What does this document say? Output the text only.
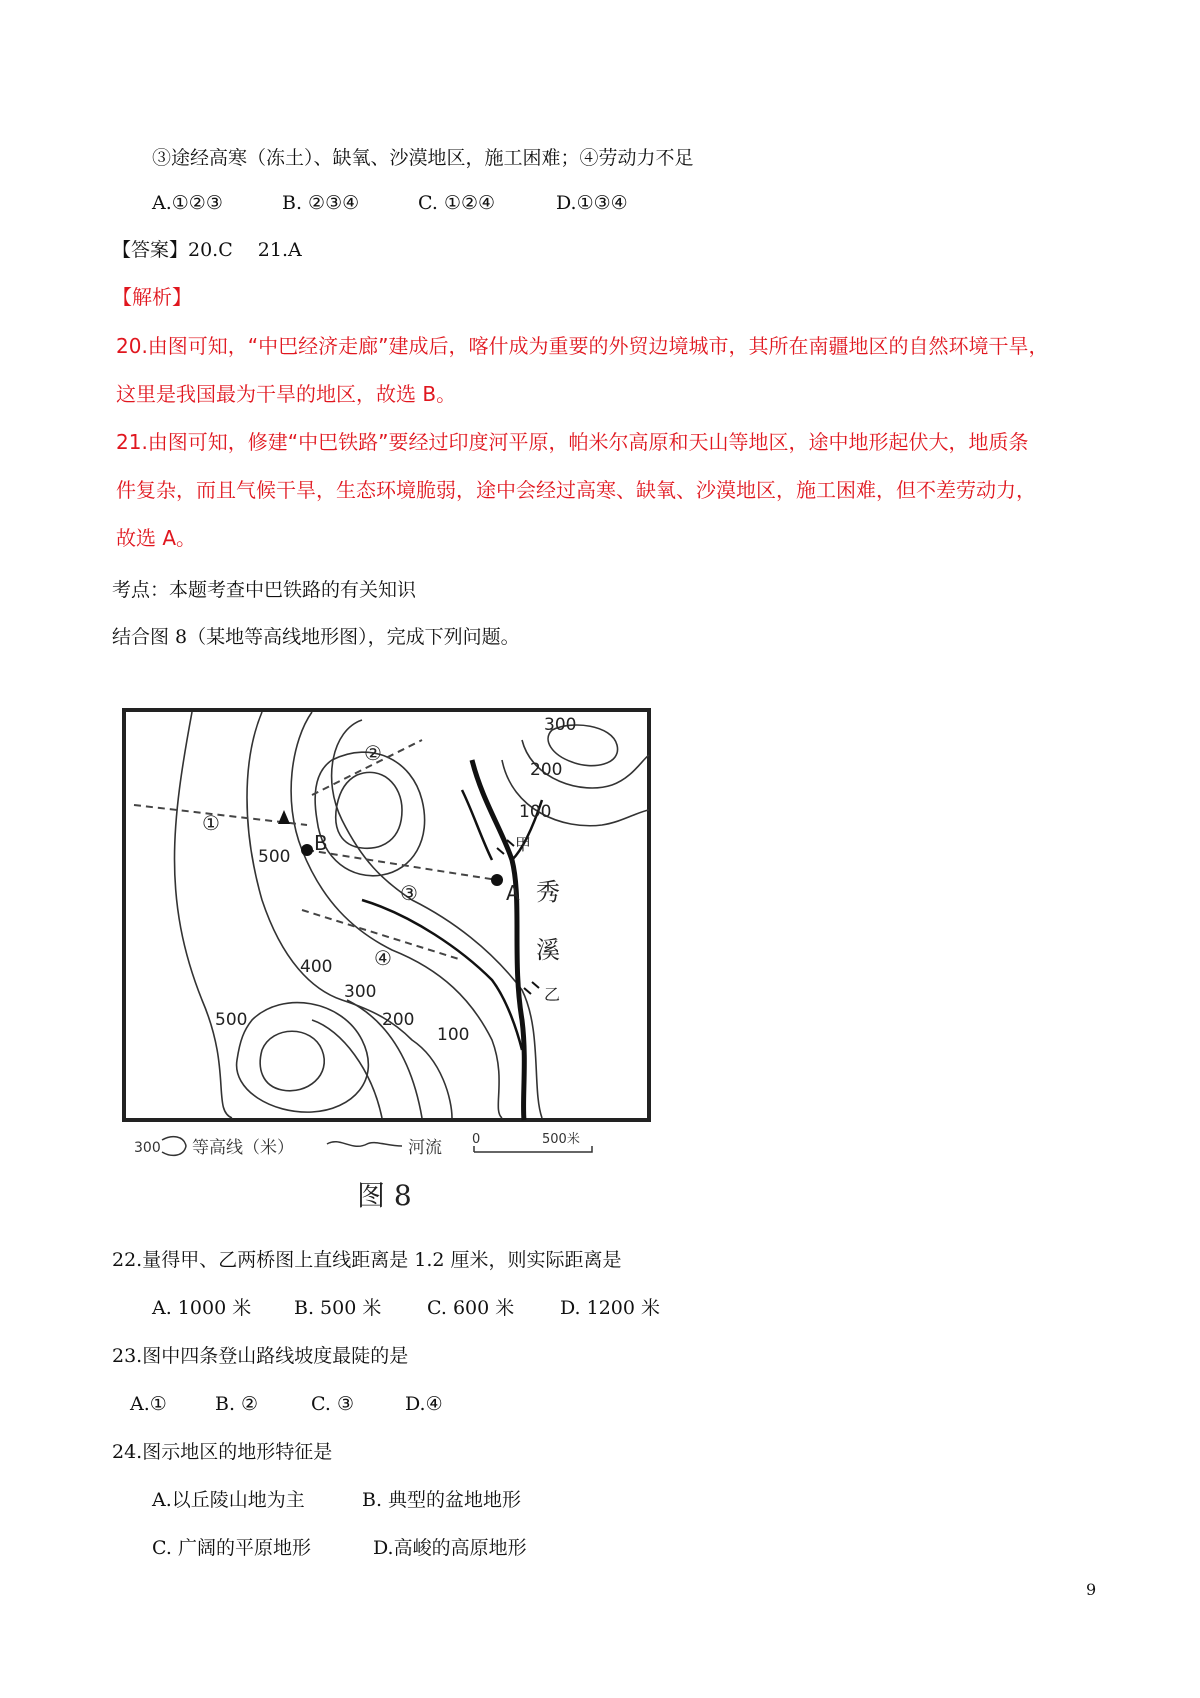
③途经高寒（冻土）、缺氧、沙漠地区，施工困难；④劳动力不足
A.①②③	B. ②③④	C. ①②④	D.①③④
【答案】20.C　 21.A
【解析】
20.由图可知，“中巴经济走廊”建成后，喀什成为重要的外贸边境城市，其所在南疆地区的自然环境干旱，
这里是我国最为干旱的地区，故选 B。
21.由图可知，修建“中巴铁路”要经过印度河平原，帕米尔高原和天山等地区，途中地形起伏大，地质条
件复杂，而且气候干旱，生态环境脆弱，途中会经过高寒、缺氧、沙漠地区，施工困难，但不差劳动力，
故选 A。
考点：本题考查中巴铁路的有关知识
结合图 8（某地等高线地形图），完成下列问题。
300
200
100
500
400
300
200
100
500
①
②
③
④
B
A
甲
乙
秀
溪
300 等高线（米）	河流 0	500米
图 8
22.量得甲、乙两桥图上直线距离是 1.2 厘米，则实际距离是
A. 1000 米 B. 500 米 C. 600 米 D. 1200 米
23.图中四条登山路线坡度最陡的是
A.①	B. ②	C. ③	D.④
24.图示地区的地形特征是
A.以丘陵山地为主	B. 典型的盆地地形
C. 广阔的平原地形	D.高峻的高原地形
9
